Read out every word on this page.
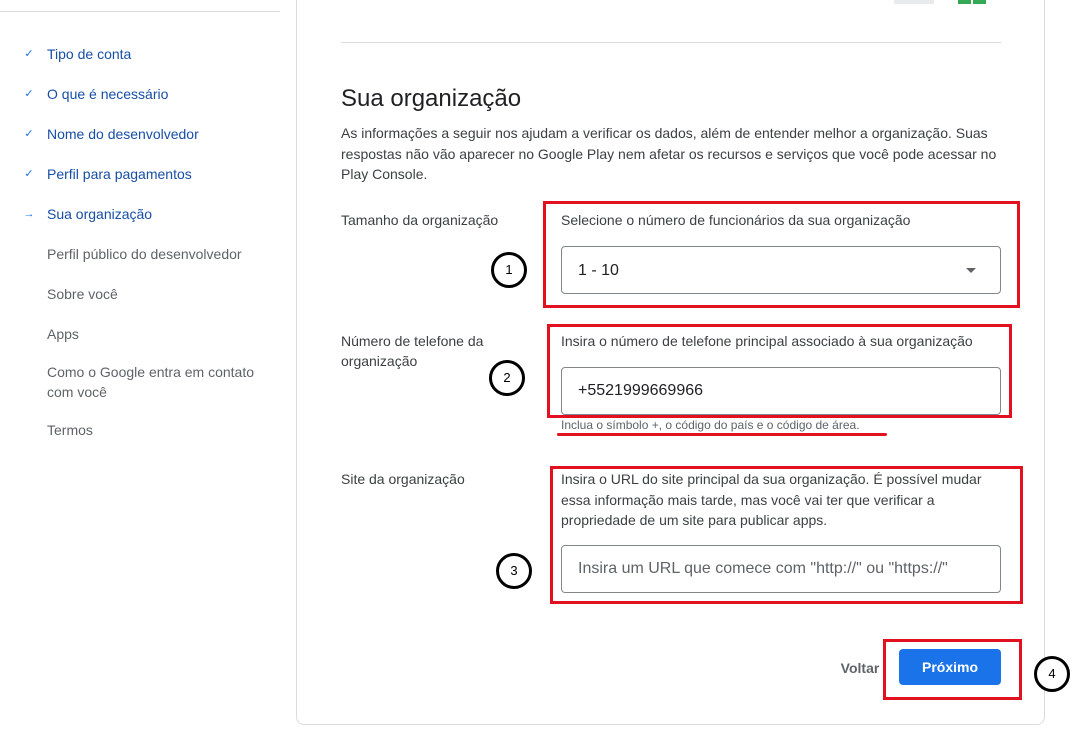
✓ Tipo de conta
✓ O que é necessário
✓ Nome do desenvolvedor
✓ Perfil para pagamentos
→ Sua organização
Perfil público do desenvolvedor
Sobre você
Apps
Como o Google entra em contato com você
Termos
Sua organização

As informações a seguir nos ajudam a verificar os dados, além de entender melhor a organização. Suas respostas não vão aparecer no Google Play nem afetar os recursos e serviços que você pode acessar no Play Console.

Tamanho da organização	Selecione o número de funcionários da sua organização
1 - 10
Número de telefone da organização
Insira o número de telefone principal associado à sua organização
+5521999669966
Inclua o símbolo +, o código do país e o código de área.
Site da organização	Insira o URL do site principal da sua organização. É possível mudar essa informação mais tarde, mas você vai ter que verificar a propriedade de um site para publicar apps.
Insira um URL que comece com "http://" ou "https://"
Voltar	Próximo
1
2
3
4
